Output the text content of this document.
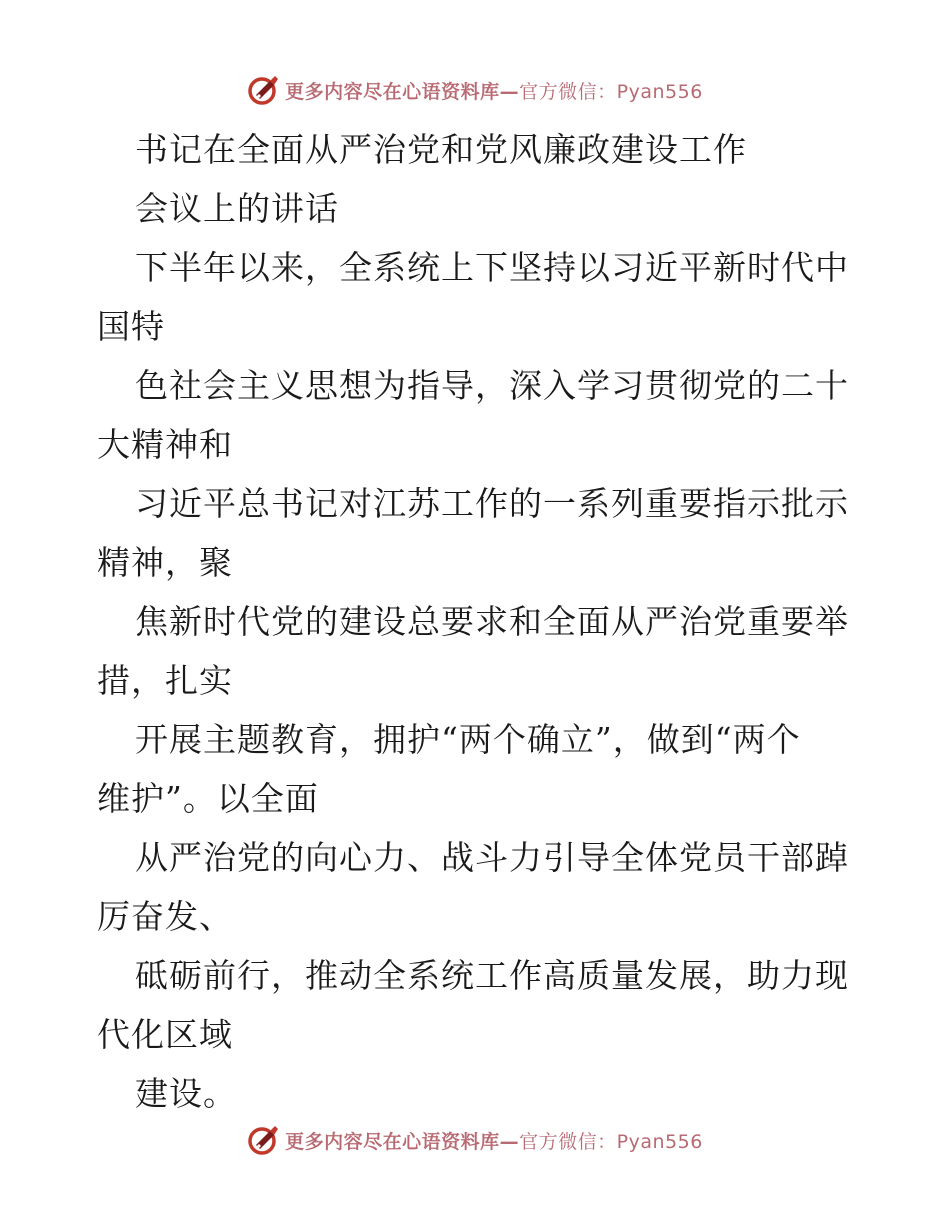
更多内容尽在心语资料库—官方微信：Pyan556
书记在全面从严治党和党风廉政建设工作
会议上的讲话
下半年以来，全系统上下坚持以习近平新时代中
国特
色社会主义思想为指导，深入学习贯彻党的二十
大精神和
习近平总书记对江苏工作的一系列重要指示批示
精神，聚
焦新时代党的建设总要求和全面从严治党重要举
措，扎实
开展主题教育，拥护“两个确立”，做到“两个
维护”。以全面
从严治党的向心力、战斗力引导全体党员干部踔
厉奋发、
砥砺前行，推动全系统工作高质量发展，助力现
代化区域
建设。
更多内容尽在心语资料库—官方微信：Pyan556
